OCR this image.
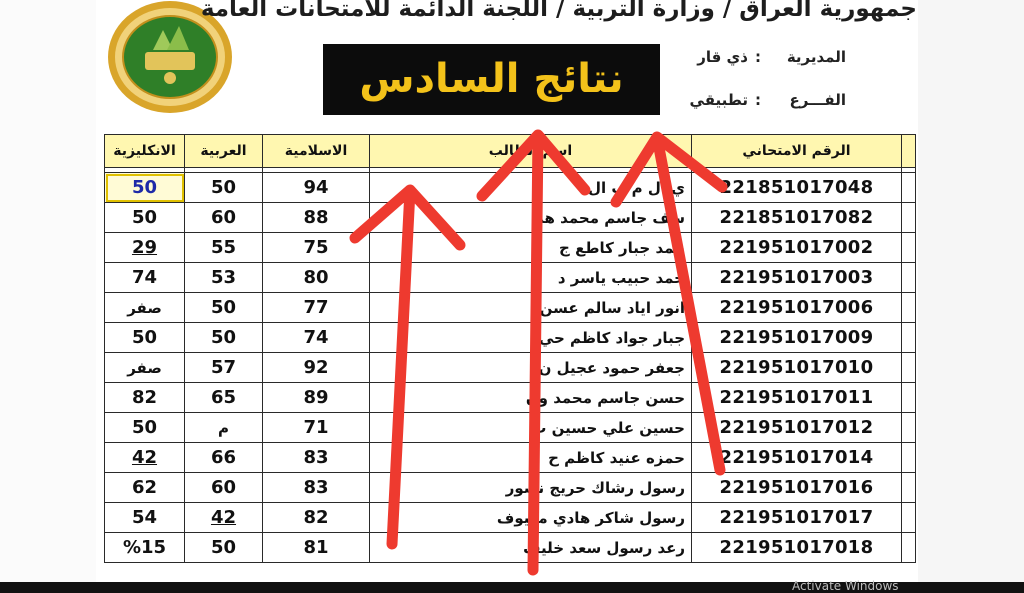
جمهورية العراق / وزارة التربية / اللجنة الدائمة للامتحانات العامة
نتائج السادس	المديرية:ذي قار
الفـــرع:تطبيقي
	الرقم الامتحاني	اسم الطالب	الاسلامية	العربية	الانكليزية

	221851017048	ي ال م ب ال	94	50	50
	221851017082	سف جاسم محمد هد	88	60	50
	221951017002	حمد جبار كاطع ج	75	55	29
	221951017003	حمد حبيب ياسر د	80	53	74
	221951017006	انور اياد سالم عسن	77	50	صفر
	221951017009	جبار جواد كاظم حي	74	50	50
	221951017010	جعفر حمود عجيل ن	92	57	صفر
	221951017011	حسن جاسم محمد ون	89	65	82
	221951017012	حسين علي حسين ب	71	م	50
	221951017014	حمزه عنيد كاظم ح	83	66	42
	221951017016	رسول رشاك حريج نصور	83	60	62
	221951017017	رسول شاكر هادي معيوف	82	42	54
	221951017018	رعد رسول سعد خليف	81	50	%15
Activate Windows
